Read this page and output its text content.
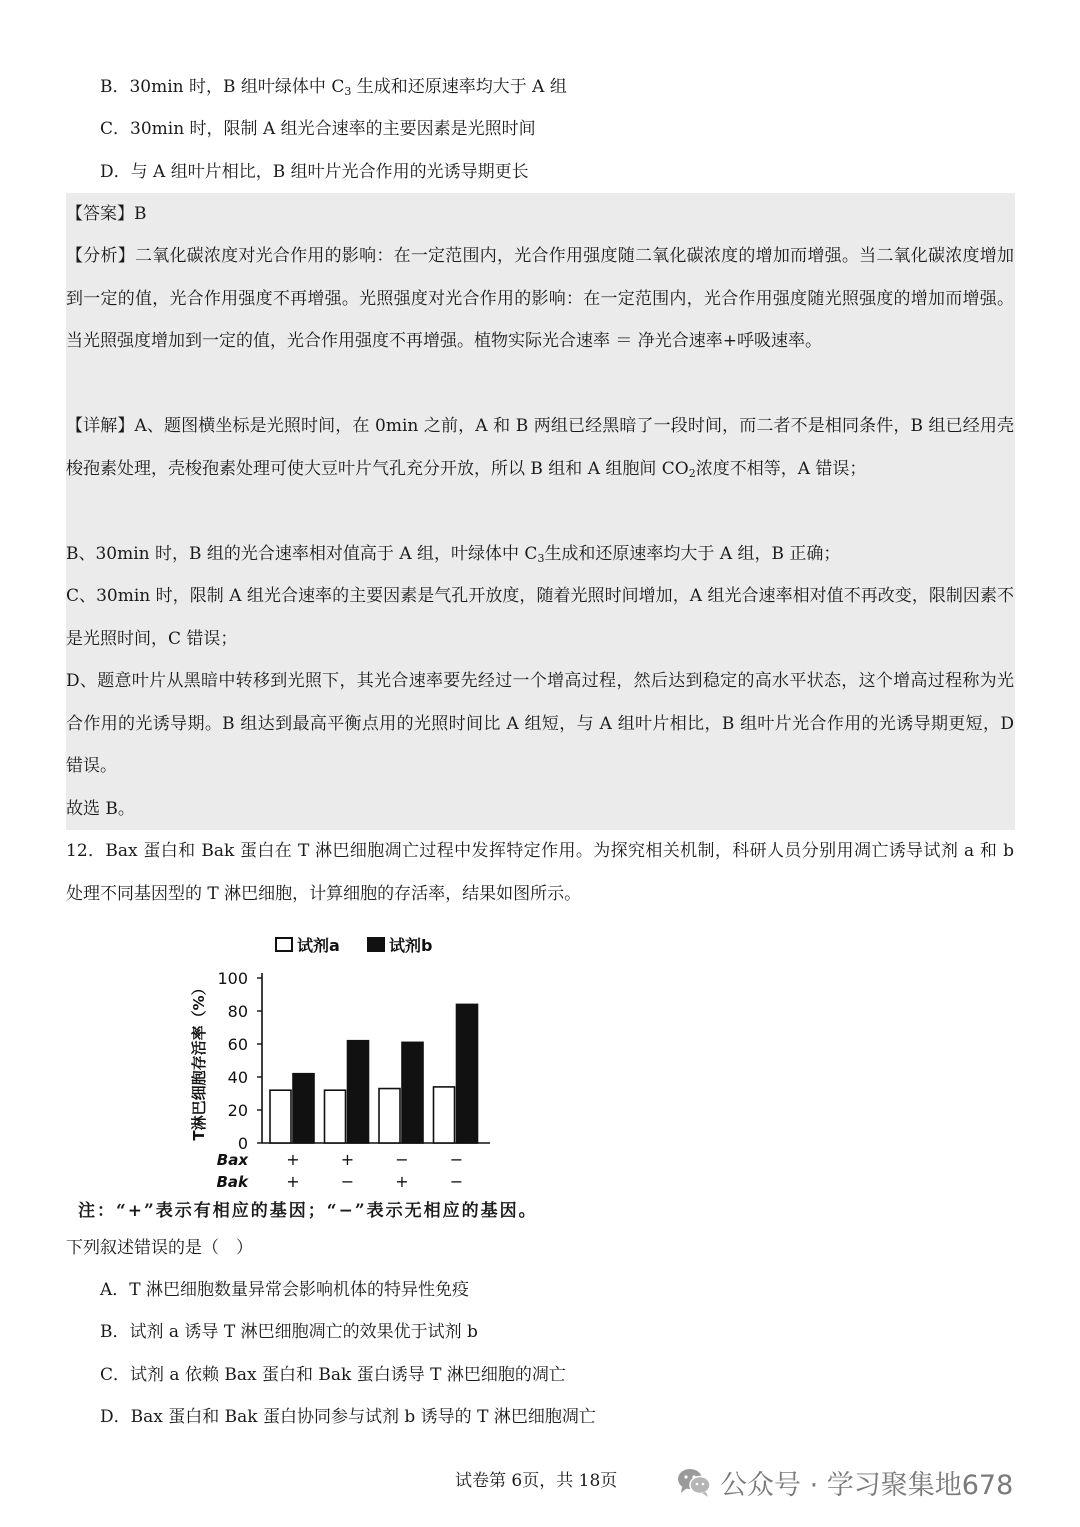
B．30min 时，B 组叶绿体中 $C_3$ 生成和还原速率均大于 A 组
C．30min 时，限制 A 组光合速率的主要因素是光照时间
D．与 A 组叶片相比，B 组叶片光合作用的光诱导期更长
【答案】B
【分析】二氧化碳浓度对光合作用的影响：在一定范围内，光合作用强度随二氧化碳浓度的增加而增强。当二氧化碳浓度增加到一定的值，光合作用强度不再增强。光照强度对光合作用的影响：在一定范围内，光合作用强度随光照强度的增加而增强。当光照强度增加到一定的值，光合作用强度不再增强。植物实际光合速率 ＝ 净光合速率+呼吸速率。
【详解】A、题图横坐标是光照时间，在 0min 之前，A 和 B 两组已经黑暗了一段时间，而二者不是相同条件，B 组已经用壳梭孢素处理，壳梭孢素处理可使大豆叶片气孔充分开放，所以 B 组和 A 组胞间 $CO_2$浓度不相等，A 错误；
B、30min 时，B 组的光合速率相对值高于 A 组，叶绿体中 $C_3$生成和还原速率均大于 A 组，B 正确；
C、30min 时，限制 A 组光合速率的主要因素是气孔开放度，随着光照时间增加，A 组光合速率相对值不再改变，限制因素不是光照时间，C 错误；
D、题意叶片从黑暗中转移到光照下，其光合速率要先经过一个增高过程，然后达到稳定的高水平状态，这个增高过程称为光合作用的光诱导期。B 组达到最高平衡点用的光照时间比 A 组短，与 A 组叶片相比，B 组叶片光合作用的光诱导期更短，D 错误。
故选 B。
12．Bax 蛋白和 Bak 蛋白在 T 淋巴细胞凋亡过程中发挥特定作用。为探究相关机制，科研人员分别用凋亡诱导试剂 a 和 b 处理不同基因型的 T 淋巴细胞，计算细胞的存活率，结果如图所示。
试剂a	试剂b
0
20
40
60
80
100
T淋巴细胞存活率（%）
Bax +	+	−	−
Bak +	−	+	−
注：“+”表示有相应的基因；“−”表示无相应的基因。
下列叙述错误的是（　）
A．T 淋巴细胞数量异常会影响机体的特异性免疫
B．试剂 a 诱导 T 淋巴细胞凋亡的效果优于试剂 b
C．试剂 a 依赖 Bax 蛋白和 Bak 蛋白诱导 T 淋巴细胞的凋亡
D．Bax 蛋白和 Bak 蛋白协同参与试剂 b 诱导的 T 淋巴细胞凋亡
试卷第 6页，共 18页	公众号 · 学习聚集地678
